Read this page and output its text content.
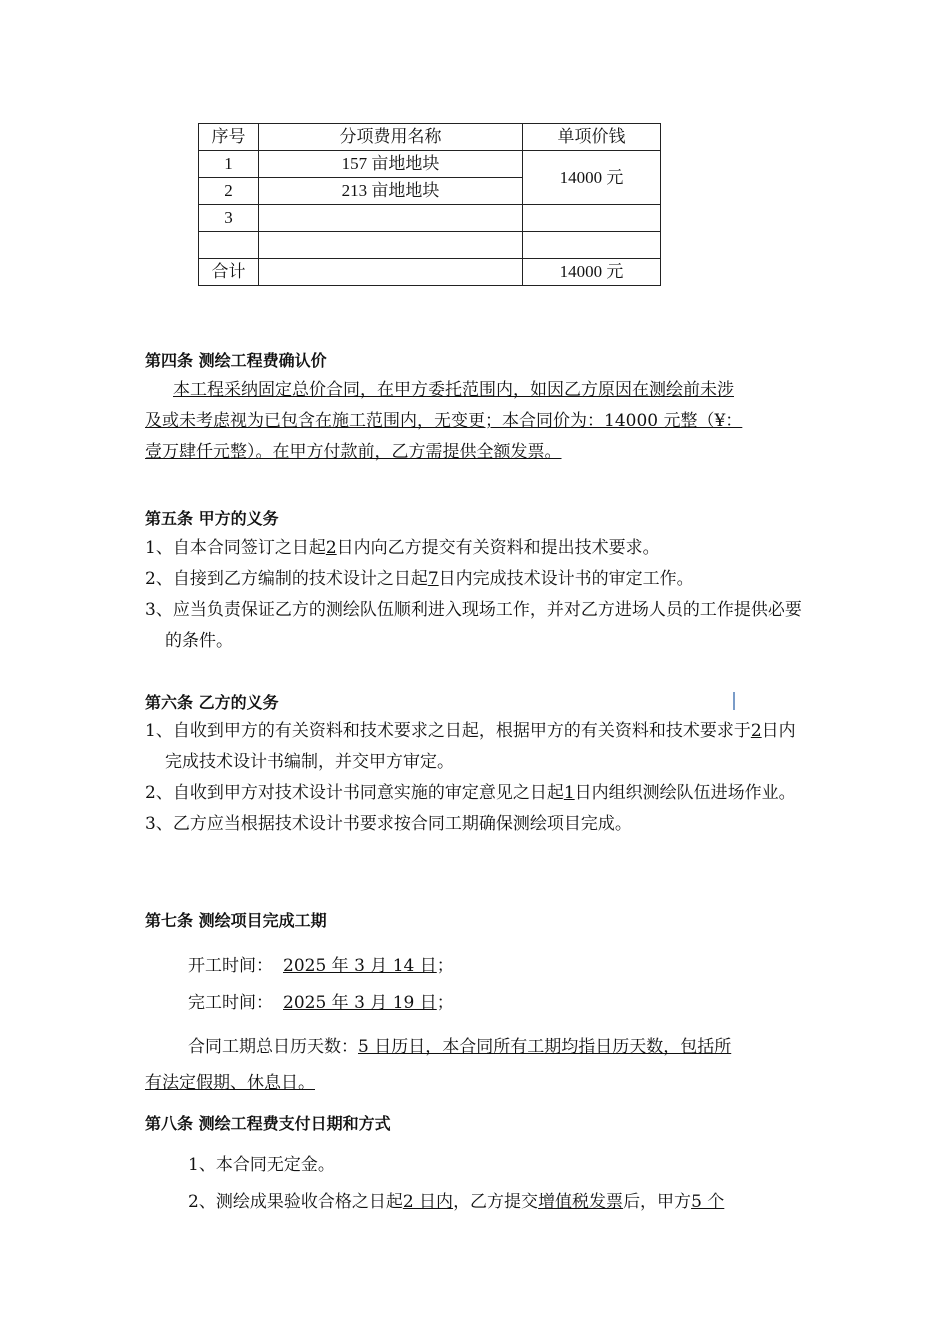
序号	分项费用名称	单项价钱
1	157 亩地地块	14000 元
2	213 亩地地块	
3		

合计		14000 元
第四条 测绘工程费确认价
本工程采纳固定总价合同，在甲方委托范围内，如因乙方原因在测绘前未涉
及或未考虑视为已包含在施工范围内，无变更；本合同价为：14000 元整（¥：
壹万肆仟元整）。在甲方付款前，乙方需提供全额发票。
第五条 甲方的义务
1、自本合同签订之日起2日内向乙方提交有关资料和提出技术要求。
2、自接到乙方编制的技术设计之日起7日内完成技术设计书的审定工作。
3、应当负责保证乙方的测绘队伍顺利进入现场工作，并对乙方进场人员的工作提供必要的条件。
第六条 乙方的义务
1、自收到甲方的有关资料和技术要求之日起，根据甲方的有关资料和技术要求于2日内完成技术设计书编制，并交甲方审定。
2、自收到甲方对技术设计书同意实施的审定意见之日起1日内组织测绘队伍进场作业。
3、乙方应当根据技术设计书要求按合同工期确保测绘项目完成。
第七条 测绘项目完成工期
开工时间： 2025 年 3 月 14 日；
完工时间： 2025 年 3 月 19 日；
合同工期总日历天数：5 日历日，本合同所有工期均指日历天数，包括所
有法定假期、休息日。
第八条 测绘工程费支付日期和方式
1、本合同无定金。
2、测绘成果验收合格之日起2 日内，乙方提交增值税发票后，甲方5 个
